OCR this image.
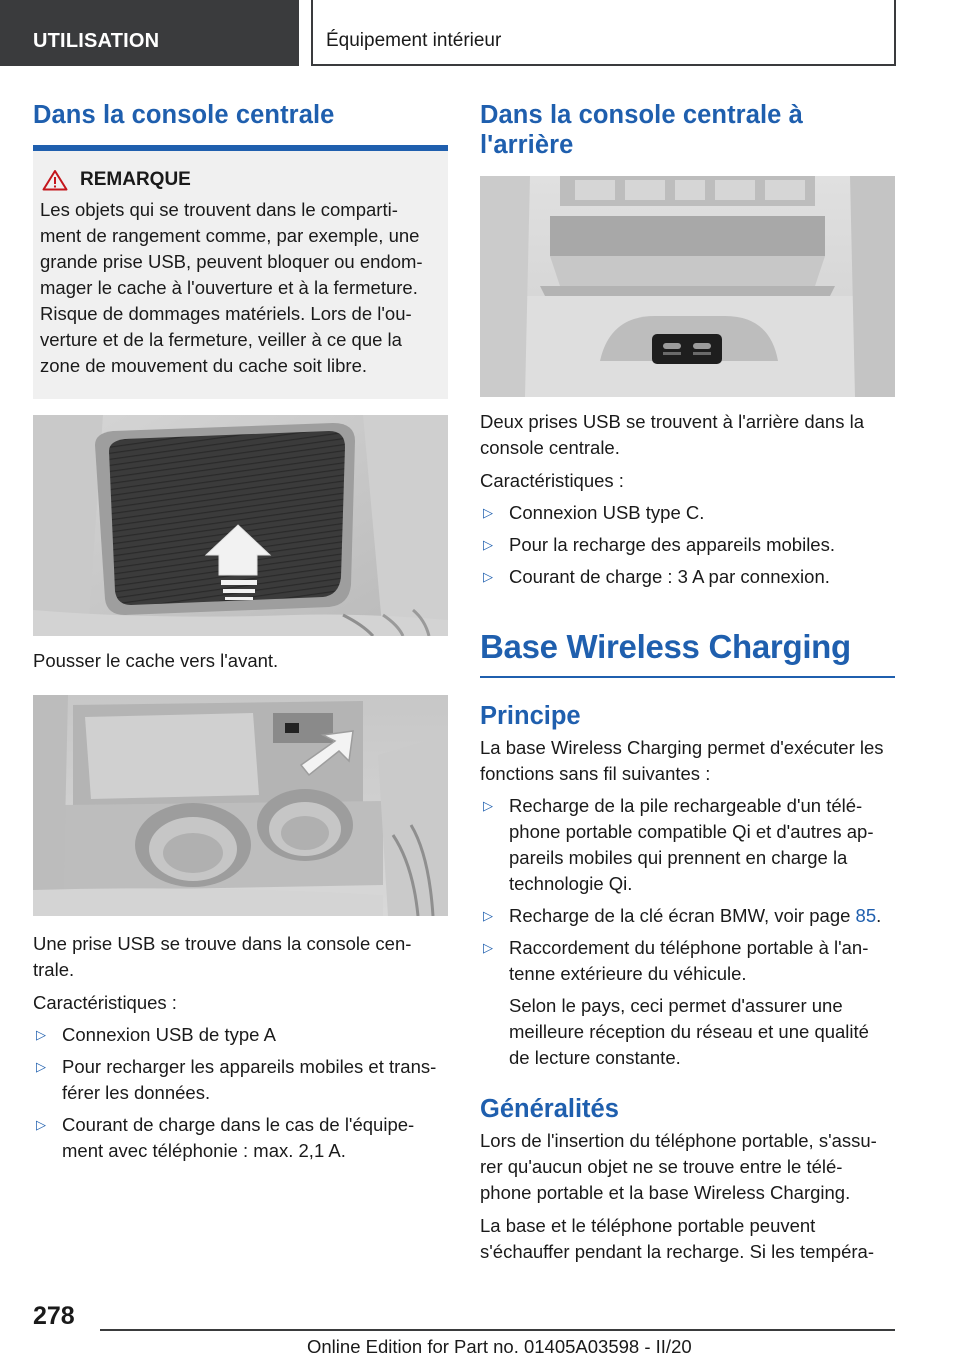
UTILISATION	Équipement intérieur
Dans la console centrale
REMARQUE
Les objets qui se trouvent dans le comparti‐
ment de rangement comme, par exemple, une
grande prise USB, peuvent bloquer ou endom‐
mager le cache à l'ouverture et à la fermeture.
Risque de dommages matériels. Lors de l'ou‐
verture et de la fermeture, veiller à ce que la
zone de mouvement du cache soit libre.

Pousser le cache vers l'avant.

Une prise USB se trouve dans la console cen‐

trale.

Caractéristiques :

▷ Connexion USB de type A
▷ Pour recharger les appareils mobiles et trans‐
férer les données.
▷ Courant de charge dans le cas de l'équipe‐
ment avec téléphonie : max. 2,1 A.
Dans la console centrale à
l'arrière

Deux prises USB se trouvent à l'arrière dans la

console centrale.

Caractéristiques :

▷ Connexion USB type C.
▷ Pour la recharge des appareils mobiles.
▷ Courant de charge : 3 A par connexion.
Base Wireless Charging
Principe

La base Wireless Charging permet d'exécuter les

fonctions sans fil suivantes :

▷ Recharge de la pile rechargeable d'un télé‐
phone portable compatible Qi et d'autres ap‐
pareils mobiles qui prennent en charge la
technologie Qi.
▷ Recharge de la clé écran BMW, voir page 85.
▷ Raccordement du téléphone portable à l'an‐
tenne extérieure du véhicule.
Selon le pays, ceci permet d'assurer une
meilleure réception du réseau et une qualité
de lecture constante.
Généralités

Lors de l'insertion du téléphone portable, s'assu‐

rer qu'aucun objet ne se trouve entre le télé‐

phone portable et la base Wireless Charging.

La base et le téléphone portable peuvent

s'échauffer pendant la recharge. Si les tempéra‐

278
Online Edition for Part no. 01405A03598 - II/20
